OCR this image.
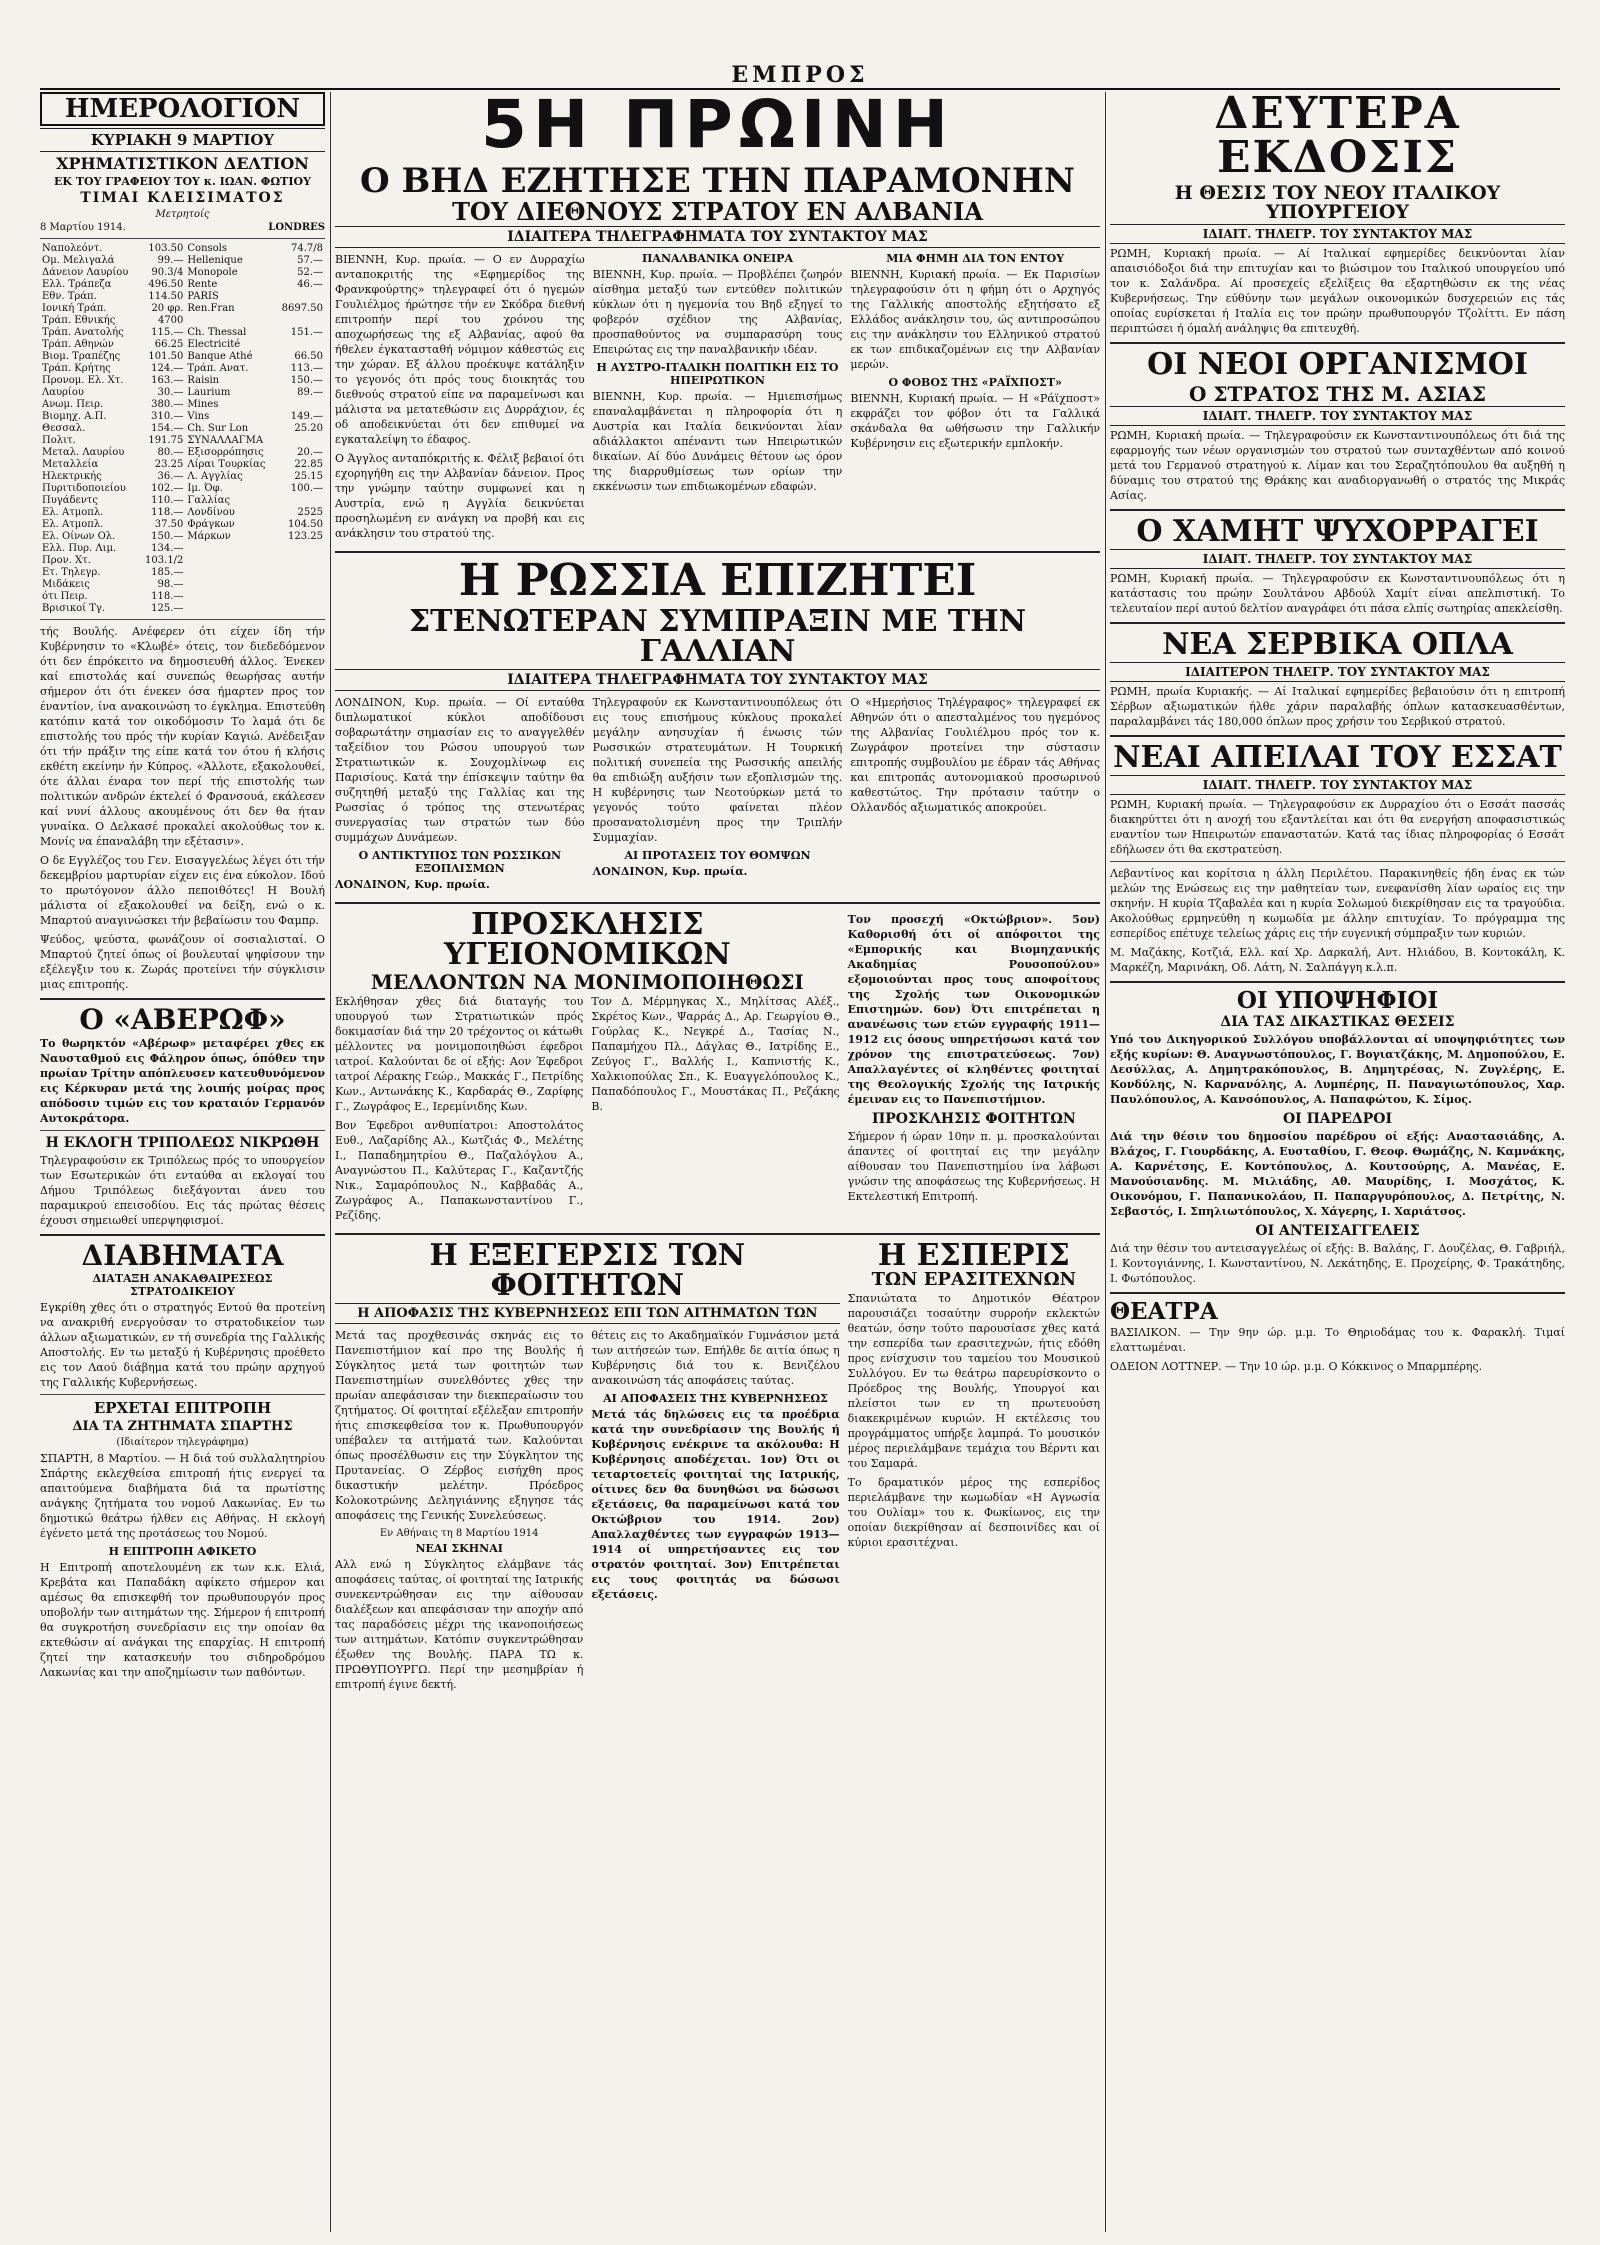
ΕΜΠΡΟΣ
ΗΜΕΡΟΛΟΓΙΟΝ
ΚΥΡΙΑΚΗ 9 ΜΑΡΤΙΟΥ
ΧΡΗΜΑΤΙΣΤΙΚΟΝ ΔΕΛΤΙΟΝ
ΕΚ ΤΟΥ ΓΡΑΦΕΙΟΥ ΤΟΥ κ. ΙΩΑΝ. ΦΩΤΙΟΥ
ΤΙΜΑΙ ΚΛΕΙΣΙΜΑΤΟΣ
Μετρητοίς
8 Μαρτίου 1914.	LONDRES
Ναπολεόντ.	103.50	Consols	74.7/8
Ομ. Μελιγαλά	99.—	Hellenique	57.—
Δάνειον Λαυρίου	90.3/4	Monopole	52.—
Ελλ. Τράπεζα	496.50	Rente	46.—
Εθν. Τράπ.	114.50	PARIS	
Ιονική Τράπ.	20 φρ.	Ren.Fran	8697.50
Τράπ. Εθνικής	4700		
Τράπ. Ανατολής	115.—	Ch. Thessal	151.—
Τράπ. Αθηνών	66.25	Electricité	
Βιομ. Τραπέζης	101.50	Banque Athé	66.50
Τράπ. Κρήτης	124.—	Τράπ. Ανατ.	113.—
Προνομ. Ελ. Χτ.	163.—	Raisin	150.—
Λαυρίου	30.—	Laurium	89.—
Ανωμ. Πειρ.	380.—	Mines	
Βιομηχ. Α.Π.	310.—	Vins	149.—
Θεσσαλ.	154.—	Ch. Sur Lon	25.20
Πολιτ.	191.75	ΣΥΝΑΛΛΑΓΜΑ	
Μεταλ. Λαυρίου	80.—	Εξισορρόπησις	20.—
Μεταλλεία	23.25	Λίραι Τουρκίας	22.85
Ηλεκτρικής	36.—	Λ. Αγγλίας	25.15
Πυριτιδοποιείου	102.—	Ιμ. Όφ.	100.—
Πυγάδεντς	110.—	Γαλλίας	
Ελ. Ατμοπλ.	118.—	Λονδίνου	2525
Ελ. Ατμοπλ.	37.50	Φράγκων	104.50
Ελ. Οίνων Ολ.	150.—	Μάρκων	123.25
Ελλ. Πυρ. Λιμ.	134.—		
Προν. Χτ.	103.1/2		
Ετ. Τηλεγρ.	185.—		
Μιδάκεις	98.—		
ότι Πειρ.	118.—		
Βρισικοί Τγ.	125.—		
τής Βουλής. Ανέφερεν ότι είχεν ίδη τήν Κυβέρνησιν το «Κλωβέ» ότεις, τον διεδεδόμενον ότι δεν έπρόκειτο να δημοσιευθή άλλος. Ένεκεν καί επιστολάς καί συνεπώς θεωρήσας αυτήν σήμερον ότι ότι ένεκεν όσα ήμαρτεν προς τον έναντίον, ίνα ανακοινώση το έγκλημα. Επιστεύθη κατόπιν κατά τον οικοδόμοσιν Το λαμά ότι δε επιστολής του πρός τήν κυρίαν Καγιώ. Ανέδειξαν ότι τήν πράξιν της είπε κατά τον ότου ή κλήσις εκθέτη εκείνην ήν Κύπρος. «Άλλοτε, εξακολουθεί, ότε άλλαι έναρα τον περί τής επιστολής των πολιτικών ανδρών έκτελεί ό Φρανσουά, εκάλεσεν καί νυνί άλλους ακουμένους ότι δεν θα ήταν γυναίκα. Ο Δελκασέ προκαλεί ακολούθως τον κ. Μονίς να έπαναλάβη την εξέτασιν».
Ο δε Εγγλέζος του Γεν. Εισαγγελέως λέγει ότι τήν δεκεμβρίου μαρτυρίαν είχεν εις ένα εύκολον. Ιδού το πρωτόγονον άλλο πεποιθότες! Η Βουλή μάλιστα οί εξακολουθεί να δείξη, ενώ ο κ. Μπαρτού αναγινώσκει τήν βεβαίωσιν του Φαμπρ.
Ψεύδος, ψεύστα, φωνάζουν οί σοσιαλισταί. Ο Μπαρτού ζητεί όπως οί βουλευταί ψηφίσουν την εξέλεγξιν του κ. Ζωράς προτείνει τήν σύγκλισιν μιας επιτροπής.
Ο «ΑΒΕΡΩΦ»
Το θωρηκτόν «Αβέρωφ» μεταφέρει χθες εκ Ναυσταθμού εις Φάληρον όπως, όπόθεν την πρωίαν Τρίτην απόπλευσεν κατευθυνόμενον εις Κέρκυραν μετά της λοιπής μοίρας προς απόδοσιν τιμών εις τον κραταιόν Γερμανόν Αυτοκράτορα.
Η ΕΚΛΟΓΗ ΤΡΙΠΟΛΕΩΣ ΝΙΚΡΩΘΗ
Τηλεγραφούσιν εκ Τριπόλεως πρός το υπουργείον των Εσωτερικών ότι ενταύθα αι εκλογαί του Δήμου Τριπόλεως διεξάγονται άνευ του παραμικρού επεισοδίου. Εις τάς πρώτας θέσεις έχουσι σημειωθεί υπερψηφισμοί.
ΔΙΑΒΗΜΑΤΑ
ΔΙΑΤΑΞΗ ΑΝΑΚΑΘΑΙΡΕΣΕΩΣ ΣΤΡΑΤΟΔΙΚΕΙΟΥ
Εγκρίθη χθες ότι ο στρατηγός Εντού θα προτείνη να ανακριθή ενεργούσαν το στρατοδικείον των άλλων αξιωματικών, εν τή συνεδρία της Γαλλικής Αποστολής. Εν τω μεταξύ ή Κυβέρνησις προέθετο εις τον Λαού διάβημα κατά του πρώην αρχηγού της Γαλλικής Κυβερνήσεως.
ΕΡΧΕΤΑΙ ΕΠΙΤΡΟΠΗ
ΔΙΑ ΤΑ ΖΗΤΗΜΑΤΑ ΣΠΑΡΤΗΣ
(Ιδιαίτερον τηλεγράφημα)
ΣΠΑΡΤΗ, 8 Μαρτίου. — Η διά τού συλλαλητηρίου Σπάρτης εκλεχθείσα επιτροπή ήτις ενεργεί τα απαιτούμενα διαβήματα διά τα πρωτίστης ανάγκης ζητήματα του νομού Λακωνίας. Εν τω δημοτικώ θεάτρω ήλθεν εις Αθήνας. Η εκλογή έγένετο μετά της προτάσεως του Νομού.
Η ΕΠΙΤΡΟΠΗ ΑΦΙΚΕΤΟ
Η Επιτροπή αποτελουμένη εκ των κ.κ. Ελιά, Κρεβάτα και Παπαδάκη αφίκετο σήμερον και αμέσως θα επισκεφθή τον πρωθυπουργόν προς υποβολήν των αιτημάτων της. Σήμερον ή επιτροπή θα συγκροτήση συνεδρίασιν εις την οποίαν θα εκτεθώσιν αί ανάγκαι της επαρχίας. Η επιτροπή ζητεί την κατασκευήν του σιδηροδρόμου Λακωνίας και την αποζημίωσιν των παθόντων.
5Η ΠΡΩΙΝΗ
Ο ΒΗΔ ΕΖΗΤΗΣΕ ΤΗΝ ΠΑΡΑΜΟΝΗΝ
ΤΟΥ ΔΙΕΘΝΟΥΣ ΣΤΡΑΤΟΥ ΕΝ ΑΛΒΑΝΙΑ
ΙΔΙΑΙΤΕΡΑ ΤΗΛΕΓΡΑΦΗΜΑΤΑ ΤΟΥ ΣΥΝΤΑΚΤΟΥ ΜΑΣ
ΒΙΕΝΝΗ, Κυρ. πρωία. — Ο εν Δυρραχίω ανταποκριτής της «Εφημερίδος της Φρανκφούρτης» τηλεγραφεί ότι ό ηγεμών Γουλιέλμος ήρώτησε τήν εν Σκόδρα διεθνή επιτροπήν περί του χρόνου της αποχωρήσεως της εξ Αλβανίας, αφού θα ήθελεν έγκατασταθή νόμιμον κάθεστώς εις την χώραν. Εξ άλλου προέκυψε κατάληξιν το γεγονός ότι πρός τους διοικητάς του διεθνούς στρατού είπε να παραμείνωσι και μάλιστα να μετατεθώσιν εις Δυρράχιον, ές οδ αποδεικνύεται ότι δεν επιθυμεί να εγκαταλείψη το έδαφος.
Ο Άγγλος ανταπόκριτής κ. Φέλιξ βεβαιοί ότι εχορηγήθη εις την Αλβανίαν δάνειον. Προς την γνώμην ταύτην συμφωνεί και η Αυστρία, ενώ η Αγγλία δεικνύεται προσηλωμένη εν ανάγκη να προβή και εις ανάκλησιν του στρατού της.
ΠΑΝΑΛΒΑΝΙΚΑ ΟΝΕΙΡΑ
ΒΙΕΝΝΗ, Κυρ. πρωία. — Προβλέπει ζωηρόν αίσθημα μεταξύ των εντεύθεν πολιτικών κύκλων ότι η ηγεμονία του Βηδ εξηγεί το φοβερόν σχέδιον της Αλβανίας, προσπαθούντος να συμπαρασύρη τους Επειρώτας εις την παναλβανικήν ιδέαν.
Η ΑΥΣΤΡΟ-ΙΤΑΛΙΚΗ ΠΟΛΙΤΙΚΗ ΕΙΣ ΤΟ ΗΠΕΙΡΩΤΙΚΟΝ
ΒΙΕΝΝΗ, Κυρ. πρωία. — Ημιεπισήμως επαναλαμβάνεται η πληροφορία ότι η Αυστρία και Ιταλία δεικνύονται λίαν αδιάλλακτοι απέναντι των Ηπειρωτικών δικαίων. Αί δύο Δυνάμεις θέτουν ως όρον της διαρρυθμίσεως των ορίων την εκκένωσιν των επιδιωκομένων εδαφών.
ΜΙΑ ΦΗΜΗ ΔΙΑ ΤΟΝ ΕΝΤΟΥ
ΒΙΕΝΝΗ, Κυριακή πρωία. — Εκ Παρισίων τηλεγραφούσιν ότι η φήμη ότι ο Αρχηγός της Γαλλικής αποστολής εξητήσατο εξ Ελλάδος ανάκλησιν του, ώς αντιπροσώπου εις την ανάκλησιν του Ελληνικού στρατού εκ των επιδικαζομένων εις την Αλβανίαν μερών.
Ο ΦΟΒΟΣ ΤΗΣ «ΡΑΪΧΠΟΣΤ»
ΒΙΕΝΝΗ, Κυριακή πρωία. — Η «Ράϊχποστ» εκφράζει τον φόβον ότι τα Γαλλικά σκάνδαλα θα ωθήσωσιν την Γαλλικήν Κυβέρνησιν εις εξωτερικήν εμπλοκήν.
Η ΡΩΣΣΙΑ ΕΠΙΖΗΤΕΙ
ΣΤΕΝΩΤΕΡΑΝ ΣΥΜΠΡΑΞΙΝ ΜΕ ΤΗΝ ΓΑΛΛΙΑΝ
ΙΔΙΑΙΤΕΡΑ ΤΗΛΕΓΡΑΦΗΜΑΤΑ ΤΟΥ ΣΥΝΤΑΚΤΟΥ ΜΑΣ
ΛΟΝΔΙΝΟΝ, Κυρ. πρωία. — Οί ενταύθα διπλωματικοί κύκλοι αποδίδουσι σοβαρωτάτην σημασίαν εις το αναγγελθέν ταξείδιον του Ρώσου υπουργού των Στρατιωτικών κ. Σουχομλίνωφ εις Παρισίους. Κατά την έπίσκεψιν ταύτην θα συζητηθή μεταξύ της Γαλλίας και της Ρωσσίας ό τρόπος της στενωτέρας συνεργασίας των στρατών των δύο συμμάχων Δυνάμεων.
Ο ΑΝΤΙΚΤΥΠΟΣ ΤΩΝ ΡΩΣΣΙΚΩΝ ΕΞΟΠΛΙΣΜΩΝ
ΛΟΝΔΙΝΟΝ, Κυρ. πρωία.
Τηλεγραφούν εκ Κωνσταντινουπόλεως ότι εις τους επισήμους κύκλους προκαλεί μεγάλην ανησυχίαν ή ένωσις τών Ρωσσικών στρατευμάτων. Η Τουρκική πολιτική συνεπεία της Ρωσσικής απειλής θα επιδιώξη αυξήσιν των εξοπλισμών της. Η κυβέρνησις των Νεοτούρκων μετά το γεγονός τούτο φαίνεται πλέον προσανατολισμένη προς την Τριπλήν Συμμαχίαν.
ΑΙ ΠΡΟΤΑΣΕΙΣ ΤΟΥ ΘΟΜΨΩΝ
ΛΟΝΔΙΝΟΝ, Κυρ. πρωία.
Ο «Ημερήσιος Τηλέγραφος» τηλεγραφεί εκ Αθηνών ότι ο απεσταλμένος του ηγεμόνος της Αλβανίας Γουλιέλμου πρός τον κ. Ζωγράφον προτείνει την σύστασιν επιτροπής συμβουλίου με έδραν τάς Αθήνας και επιτροπάς αυτονομιακού προσωρινού καθεστώτος. Την πρότασιν ταύτην ο Ολλανδός αξιωματικός αποκρούει.
ΠΡΟΣΚΛΗΣΙΣ ΥΓΕΙΟΝΟΜΙΚΩΝ
ΜΕΛΛΟΝΤΩΝ ΝΑ ΜΟΝΙΜΟΠΟΙΗΘΩΣΙ
Εκλήθησαν χθες διά διαταγής του υπουργού των Στρατιωτικών πρός δοκιμασίαν διά την 20 τρέχοντος οι κάτωθι μέλλοντες να μονιμοποιηθώσι έφεδροι ιατροί. Καλούνται δε οί εξής: Αον Έφεδροι ιατροί Λέρακης Γεώρ., Μακκάς Γ., Πετρίδης Κων., Αντωνάκης Κ., Καρδαράς Θ., Ζαρίφης Γ., Ζωγράφος Ε., Ιερεμίνιδης Κων.
Βον Έφεδροι ανθυπίατροι: Αποστολάτος Ευθ., Λαζαρίδης Αλ., Κωτζιάς Φ., Μελέτης Ι., Παπαδημητρίου Θ., Παζαλόγλου Α., Αναγνώστου Π., Καλύτερας Γ., Καζαντζής Νικ., Σαμαρόπουλος Ν., Καββαδάς Α., Ζωγράφος Α., Παπακωνσταντίνου Γ., Ρεζίδης.
Τον Δ. Μέρμηγκας Χ., Μηλίτσας Αλέξ., Σκρέτος Κων., Ψαρράς Δ., Αρ. Γεωργίου Θ., Γούρλας Κ., Νεγκρέ Δ., Τασίας Ν., Παπαμήχου Πλ., Δάγλας Θ., Ιατρίδης Ε., Ζεύγος Γ., Βαλλής Ι., Καπνιστής Κ., Χαλκιοπούλας Σπ., Κ. Ευαγγελόπουλος Κ., Παπαδόπουλος Γ., Μουστάκας Π., Ρεζάκης Β.
Τον προσεχή «Οκτώβριον». 5ον) Καθορισθή ότι οί απόφοιτοι της «Εμπορικής και Βιομηχανικής Ακαδημίας Ρουσοπούλου» εξομοιούνται προς τους αποφοίτους της Σχολής των Οικονομικών Επιστημών. 6ον) Ότι επιτρέπεται η ανανέωσις των ετών εγγραφής 1911—1912 εις όσους υπηρετήσωσι κατά τον χρόνον της επιστρατεύσεως. 7ον) Απαλλαγέντες οί κληθέντες φοιτηταί της Θεολογικής Σχολής της Ιατρικής έμειναν εις το Πανεπιστήμιον.
ΠΡΟΣΚΛΗΣΙΣ ΦΟΙΤΗΤΩΝ
Σήμερον ή ώραν 10ην π. μ. προσκαλούνται άπαντες οί φοιτηταί εις την μεγάλην αίθουσαν του Πανεπιστημίου ίνα λάβωσι γνώσιν της αποφάσεως της Κυβερνήσεως. Η Εκτελεστική Επιτροπή.
Η ΕΞΕΓΕΡΣΙΣ ΤΩΝ ΦΟΙΤΗΤΩΝ
Η ΑΠΟΦΑΣΙΣ ΤΗΣ ΚΥΒΕΡΝΗΣΕΩΣ ΕΠΙ ΤΩΝ ΑΙΤΗΜΑΤΩΝ ΤΩΝ
Μετά τας προχθεσινάς σκηνάς εις το Πανεπιστήμιον καί προ της Βουλής ή Σύγκλητος μετά των φοιτητών των Πανεπιστημίων συνελθόντες χθες την πρωίαν απεφάσισαν την διεκπεραίωσιν του ζητήματος. Οί φοιτηταί εξέλεξαν επιτροπήν ήτις επισκεφθείσα τον κ. Πρωθυπουργόν υπέβαλεν τα αιτήματά των. Καλούνται όπως προσέλθωσιν εις την Σύγκλητον της Πρυτανείας. Ο Ζέρβος εισήχθη προς δικαστικήν μελέτην. Πρόεδρος Κολοκοτρώνης Δεληγιάννης εξηγησε τάς αποφάσεις της Γενικής Συνελεύσεως.
Εν Αθήναις τη 8 Μαρτίου 1914
ΝΕΑΙ ΣΚΗΝΑΙ
Αλλ ενώ η Σύγκλητος ελάμβανε τάς αποφάσεις ταύτας, οί φοιτηταί της Ιατρικής συνεκεντρώθησαν εις την αίθουσαν διαλέξεων και απεφάσισαν την αποχήν από τας παραδόσεις μέχρι της ικανοποιήσεως των αιτημάτων. Κατόπιν συγκεντρώθησαν έξωθεν της Βουλής. ΠΑΡΑ ΤΩ κ. ΠΡΩΘΥΠΟΥΡΓΩ. Περί την μεσημβρίαν ή επιτροπή έγινε δεκτή.
θέτεις εις το Ακαδημαϊκόν Γυμνάσιον μετά των αιτήσεών των. Επήλθε δε αιτία όπως η Κυβέρνησις διά του κ. Βενιζέλου ανακοινώση τάς αποφάσεις ταύτας.
ΑΙ ΑΠΟΦΑΣΕΙΣ ΤΗΣ ΚΥΒΕΡΝΗΣΕΩΣ
Μετά τάς δηλώσεις εις τα προέδρια κατά την συνεδρίασιν της Βουλής ή Κυβέρνησις ενέκρινε τα ακόλουθα: Η Κυβέρνησις αποδέχεται. 1ον) Ότι οι τεταρτοετείς φοιτηταί της Ιατρικής, οίτινες δεν θα δυνηθώσι να δώσωσι εξετάσεις, θα παραμείνωσι κατά τον Οκτώβριον του 1914. 2ον) Απαλλαχθέντες των εγγραφών 1913—1914 οί υπηρετήσαντες εις τον στρατόν φοιτηταί. 3ον) Επιτρέπεται εις τους φοιτητάς να δώσωσι εξετάσεις.
Η ΕΣΠΕΡΙΣ
ΤΩΝ ΕΡΑΣΙΤΕΧΝΩΝ
Σπανιώτατα το Δημοτικόν Θέατρον παρουσιάζει τοσαύτην συρροήν εκλεκτών θεατών, όσην τούτο παρουσίασε χθες κατά την εσπερίδα των ερασιτεχνών, ήτις εδόθη προς ενίσχυσιν του ταμείου του Μουσικού Συλλόγου. Εν τω θεάτρω παρευρίσκοντο ο Πρόεδρος της Βουλής, Υπουργοί και πλείστοι των εν τη πρωτευούση διακεκριμένων κυριών. Η εκτέλεσις του προγράμματος υπήρξε λαμπρά. Το μουσικόν μέρος περιελάμβανε τεμάχια του Βέρντι και του Σαμαρά.
Το δραματικόν μέρος της εσπερίδος περιελάμβανε την κωμωδίαν «Η Αγνωσία του Ουλίαμ» του κ. Φωκίωνος, εις την οποίαν διεκρίθησαν αί δεσποινίδες και οί κύριοι ερασιτέχναι.
ΔΕΥΤΕΡΑ ΕΚΔΟΣΙΣ
Η ΘΕΣΙΣ ΤΟΥ ΝΕΟΥ ΙΤΑΛΙΚΟΥ ΥΠΟΥΡΓΕΙΟΥ
ΙΔΙΑΙΤ. ΤΗΛΕΓΡ. ΤΟΥ ΣΥΝΤΑΚΤΟΥ ΜΑΣ
ΡΩΜΗ, Κυριακή πρωία. — Αί Ιταλικαί εφημερίδες δεικνύονται λίαν απαισιόδοξοι διά την επιτυχίαν και το βιώσιμον του Ιταλικού υπουργείου υπό τον κ. Σαλάνδρα. Αί προσεχείς εξελίξεις θα εξαρτηθώσιν εκ της νέας Κυβερνήσεως. Την εύθύνην των μεγάλων οικονομικών δυσχερειών εις τάς οποίας ευρίσκεται ή Ιταλία εις τον πρώην πρωθυπουργόν Τζολίττι. Εν πάση περιπτώσει ή όμαλή ανάληψις θα επιτευχθή.
ΟΙ ΝΕΟΙ ΟΡΓΑΝΙΣΜΟΙ
Ο ΣΤΡΑΤΟΣ ΤΗΣ Μ. ΑΣΙΑΣ
ΙΔΙΑΙΤ. ΤΗΛΕΓΡ. ΤΟΥ ΣΥΝΤΑΚΤΟΥ ΜΑΣ
ΡΩΜΗ, Κυριακή πρωία. — Τηλεγραφούσιν εκ Κωνσταντινουπόλεως ότι διά της εφαρμογής των νέων οργανισμών του στρατού των συνταχθέντων από κοινού μετά του Γερμανού στρατηγού κ. Λίμαν και του Σεραζητόπουλου θα αυξηθή η δύναμις του στρατού της Θράκης και αναδιοργανωθή ο στρατός της Μικράς Ασίας.
Ο ΧΑΜΗΤ ΨΥΧΟΡΡΑΓΕΙ
ΙΔΙΑΙΤ. ΤΗΛΕΓΡ. ΤΟΥ ΣΥΝΤΑΚΤΟΥ ΜΑΣ
ΡΩΜΗ, Κυριακή πρωία. — Τηλεγραφούσιν εκ Κωνσταντινουπόλεως ότι η κατάστασις του πρώην Σουλτάνου Αβδούλ Χαμίτ είναι απελπιστική. Το τελευταίον περί αυτού δελτίον αναγράφει ότι πάσα ελπίς σωτηρίας απεκλείσθη.
ΝΕΑ ΣΕΡΒΙΚΑ ΟΠΛΑ
ΙΔΙΑΙΤΕΡΟΝ ΤΗΛΕΓΡ. ΤΟΥ ΣΥΝΤΑΚΤΟΥ ΜΑΣ
ΡΩΜΗ, πρωία Κυριακής. — Αί Ιταλικαί εφημερίδες βεβαιούσιν ότι η επιτροπή Σέρβων αξιωματικών ήλθε χάριν παραλαβής όπλων κατασκευασθέντων, παραλαμβάνει τάς 180,000 όπλων προς χρήσιν του Σερβικού στρατού.
ΝΕΑΙ ΑΠΕΙΛΑΙ ΤΟΥ ΕΣΣΑΤ
ΙΔΙΑΙΤ. ΤΗΛΕΓΡ. ΤΟΥ ΣΥΝΤΑΚΤΟΥ ΜΑΣ
ΡΩΜΗ, Κυριακή πρωία. — Τηλεγραφούσιν εκ Δυρραχίου ότι ο Εσσάτ πασσάς διακηρύττει ότι η ανοχή του εξαντλείται και ότι θα ενεργήση αποφασιστικώς εναντίον των Ηπειρωτών επαναστατών. Κατά τας ίδιας πληροφορίας ό Εσσάτ εδήλωσεν ότι θα εκστρατεύση.
Λεβαντίνος και κορίτσια η άλλη Περιλέτου. Παρακινηθείς ήδη ένας εκ τών μελών της Ενώσεως εις την μαθητείαν των, ενεφανίσθη λίαν ωραίος εις την σκηνήν. Η κυρία Τζαβαλέα και η κυρία Σολωμού διεκρίθησαν εις τα τραγούδια. Ακολούθως ερμηνεύθη η κωμωδία με άλλην επιτυχίαν. Το πρόγραμμα της εσπερίδος επέτυχε τελείως χάρις εις τήν ευγενική σύμπραξιν των κυριών.
Μ. Μαζάκης, Κοτζιά, Ελλ. καί Χρ. Δαρκαλή, Αντ. Ηλιάδου, Β. Κοντοκάλη, Κ. Μαρκέζη, Μαρινάκη, Οδ. Λάτη, Ν. Σαλπάγγη κ.λ.π.
ΟΙ ΥΠΟΨΗΦΙΟΙ
ΔΙΑ ΤΑΣ ΔΙΚΑΣΤΙΚΑΣ ΘΕΣΕΙΣ
Υπό του Δικηγορικού Συλλόγου υποβάλλονται αί υποψηφιότητες των εξής κυρίων: Θ. Αναγνωστόπουλος, Γ. Βογιατζάκης, Μ. Δημοπούλου, Ε. Δεσύλλας, Α. Δημητρακόπουλος, Β. Δημητρέσας, Ν. Ζυγλέρης, Ε. Κονδύλης, Ν. Καρνανόλης, Α. Λυμπέρης, Π. Παναγιωτόπουλος, Χαρ. Παυλόπουλος, Α. Κανσόπουλος, Α. Παπαφώτου, Κ. Σίμος.
ΟΙ ΠΑΡΕΔΡΟΙ
Διά την θέσιν του δημοσίου παρέδρου οί εξής: Αναστασιάδης, Α. Βλάχος, Γ. Γιουρδάκης, Α. Ευσταθίου, Γ. Θεοφ. Θωμάζης, Ν. Καμνάκης, Α. Καρνέτσης, Ε. Κοντόπουλος, Δ. Κουτσούρης, Α. Μανέας, Ε. Μανούσιανδης. Μ. Μιλιάδης, Αθ. Μαυρίδης, Ι. Μοσχάτος, Κ. Οικονόμου, Γ. Παπανικολάου, Π. Παπαργυρόπουλος, Δ. Πετρίτης, Ν. Σεβαστός, Ι. Σπηλιωτόπουλος, Χ. Χάγερης, Ι. Χαριάτσος.
ΟΙ ΑΝΤΕΙΣΑΓΓΕΛΕΙΣ
Διά την θέσιν του αντεισαγγελέως οί εξής: Β. Βαλάης, Γ. Δουζέλας, Θ. Γαβριήλ, Ι. Κοντογιάννης, Ι. Κωνσταντίνου, Ν. Λεκάτηδης, Ε. Προχείρης, Φ. Τρακάτηδης, Ι. Φωτόπουλος.
ΘΕΑΤΡΑ
ΒΑΣΙΛΙΚΟΝ. — Την 9ην ώρ. μ.μ. Το Θηριοδάμας του κ. Φαρακλή. Τιμαί ελαττωμέναι.
ΟΔΕΙΟΝ ΛΟΤΤΝΕΡ. — Την 10 ώρ. μ.μ. Ο Κόκκινος ο Μπαρμπέρης.
